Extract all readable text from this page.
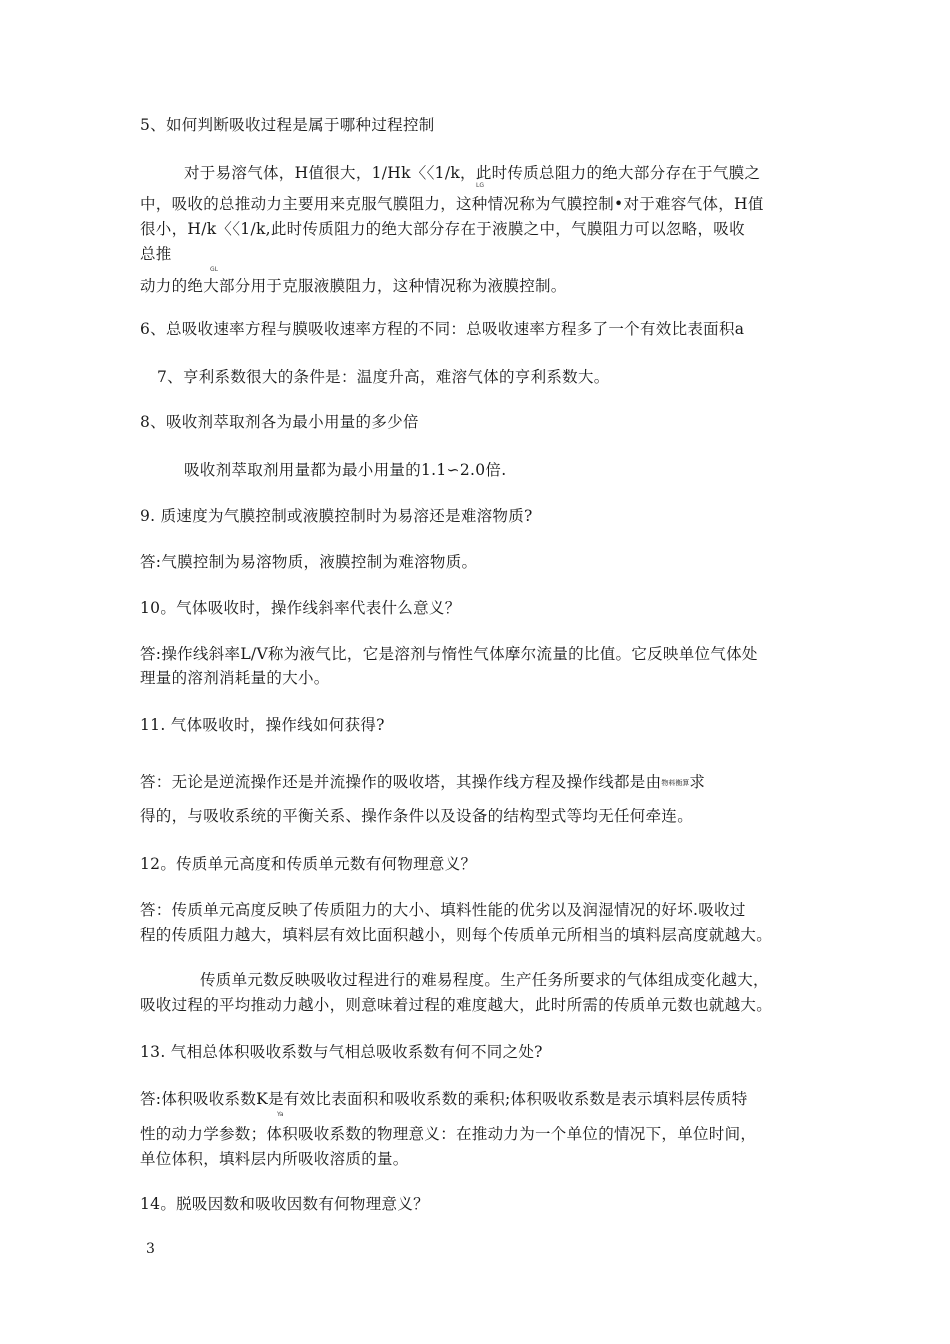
5、如何判断吸收过程是属于哪种过程控制
对于易溶气体，H值很大，1/Hk〈〈1/k，此时传质总阻力的绝大部分存在于气膜之
LG
中，吸收的总推动力主要用来克服气膜阻力，这种情况称为气膜控制•对于难容气体，H值
很小，H/k〈〈1/k,此时传质阻力的绝大部分存在于液膜之中，气膜阻力可以忽略，吸收
总推
GL
动力的绝大部分用于克服液膜阻力，这种情况称为液膜控制。
6、总吸收速率方程与膜吸收速率方程的不同：总吸收速率方程多了一个有效比表面积a
7、亨利系数很大的条件是：温度升高，难溶气体的亨利系数大。
8、吸收剂萃取剂各为最小用量的多少倍
吸收剂萃取剂用量都为最小用量的1.1∽2.0倍.
9. 质速度为气膜控制或液膜控制时为易溶还是难溶物质?
答:气膜控制为易溶物质，液膜控制为难溶物质。
10。气体吸收时，操作线斜率代表什么意义？
答:操作线斜率L/V称为液气比，它是溶剂与惰性气体摩尔流量的比值。它反映单位气体处
理量的溶剂消耗量的大小。
11. 气体吸收时，操作线如何获得?
答：无论是逆流操作还是并流操作的吸收塔，其操作线方程及操作线都是由物料衡算求
得的，与吸收系统的平衡关系、操作条件以及设备的结构型式等均无任何牵连。
12。传质单元高度和传质单元数有何物理意义？
答：传质单元高度反映了传质阻力的大小、填料性能的优劣以及润湿情况的好坏.吸收过
程的传质阻力越大，填料层有效比面积越小，则每个传质单元所相当的填料层高度就越大。
传质单元数反映吸收过程进行的难易程度。生产任务所要求的气体组成变化越大，
吸收过程的平均推动力越小，则意味着过程的难度越大，此时所需的传质单元数也就越大。
13. 气相总体积吸收系数与气相总吸收系数有何不同之处?
答:体积吸收系数K是有效比表面积和吸收系数的乘积;体积吸收系数是表示填料层传质特
Ya
性的动力学参数；体积吸收系数的物理意义：在推动力为一个单位的情况下，单位时间，
单位体积，填料层内所吸收溶质的量。
14。脱吸因数和吸收因数有何物理意义？
3
